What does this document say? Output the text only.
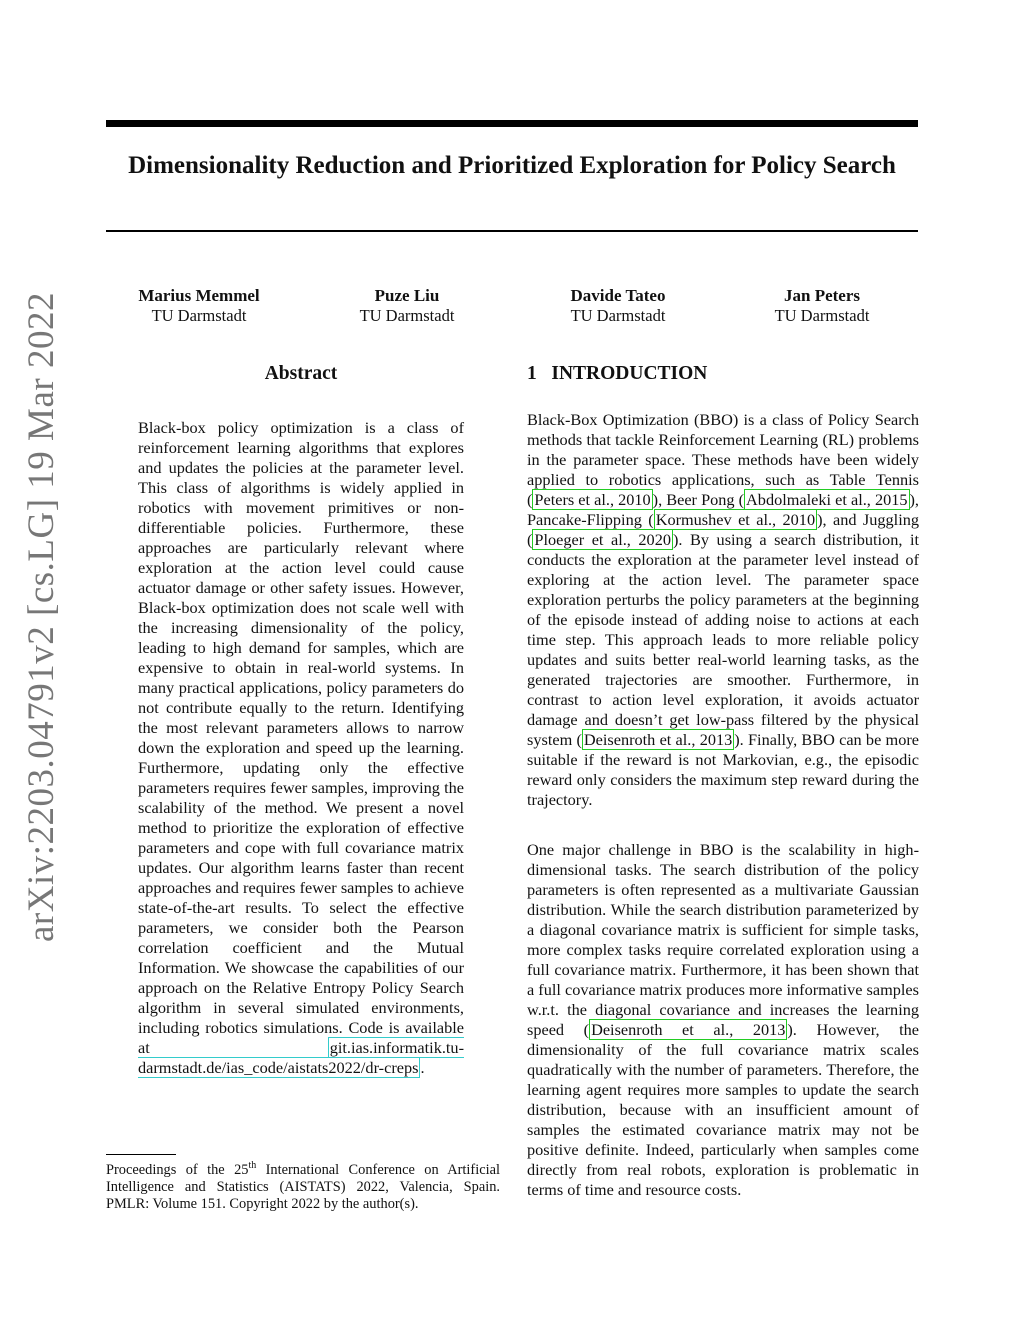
Dimensionality Reduction and Prioritized Exploration for Policy Search
Marius Memmel
TU Darmstadt
Puze Liu
TU Darmstadt
Davide Tateo
TU Darmstadt
Jan Peters
TU Darmstadt
arXiv:2203.04791v2 [cs.LG] 19 Mar 2022	Abstract

Black-box policy optimization is a class of reinforcement learning algorithms that explores and updates the policies at the parameter level. This class of algorithms is widely applied in robotics with movement primitives or non-differentiable policies. Furthermore, these approaches are particularly relevant where exploration at the action level could cause actuator damage or other safety issues. However, Black-box optimization does not scale well with the increasing dimensionality of the policy, leading to high demand for samples, which are expensive to obtain in real-world systems. In many practical applications, policy parameters do not contribute equally to the return. Identifying the most relevant parameters allows to narrow down the exploration and speed up the learning. Furthermore, updating only the effective parameters requires fewer samples, improving the scalability of the method. We present a novel method to prioritize the exploration of effective parameters and cope with full covariance matrix updates. Our algorithm learns faster than recent approaches and requires fewer samples to achieve state-of-the-art results. To select the effective parameters, we consider both the Pearson correlation coefficient and the Mutual Information. We showcase the capabilities of our approach on the Relative Entropy Policy Search algorithm in several simulated environments, including robotics simulations. Code is available at	git.ias.informatik.tu-darmstadt.de/ias_code/aistats2022/dr-creps .

Proceedings of the 25th International Conference on Artificial Intelligence and Statistics (AISTATS) 2022, Valencia, Spain. PMLR: Volume 151. Copyright 2022 by the author(s).

1 INTRODUCTION

Black-Box Optimization (BBO) is a class of Policy Search methods that tackle Reinforcement Learning (RL) problems in the parameter space. These methods have been widely applied to robotics applications, such as Table Tennis ( Peters et al., 2010 ), Beer Pong ( Abdolmaleki et al., 2015 ), Pancake-Flipping ( Kormushev et al., 2010 ), and Juggling ( Ploeger et al., 2020 ). By using a search distribution, it conducts the exploration at the parameter level instead of exploring at the action level. The parameter space exploration perturbs the policy parameters at the beginning of the episode instead of adding noise to actions at each time step. This approach leads to more reliable policy updates and suits better real-world learning tasks, as the generated trajectories are smoother. Furthermore, in contrast to action level exploration, it avoids actuator damage and doesn’t get low-pass filtered by the physical system ( Deisenroth et al., 2013 ). Finally, BBO can be more suitable if the reward is not Markovian, e.g., the episodic reward only considers the maximum step reward during the trajectory.

One major challenge in BBO is the scalability in high-dimensional tasks. The search distribution of the policy parameters is often represented as a multivariate Gaussian distribution. While the search distribution parameterized by a diagonal covariance matrix is sufficient for simple tasks, more complex tasks require correlated exploration using a full covariance matrix. Furthermore, it has been shown that a full covariance matrix produces more informative samples w.r.t. the diagonal covariance and increases the learning speed ( Deisenroth et al., 2013 ). However, the dimensionality of the full covariance matrix scales quadratically with the number of parameters. Therefore, the learning agent requires more samples to update the search distribution, because with an insufficient amount of samples the estimated covariance matrix may not be positive definite. Indeed, particularly when samples come directly from real robots, exploration is problematic in terms of time and resource costs.
